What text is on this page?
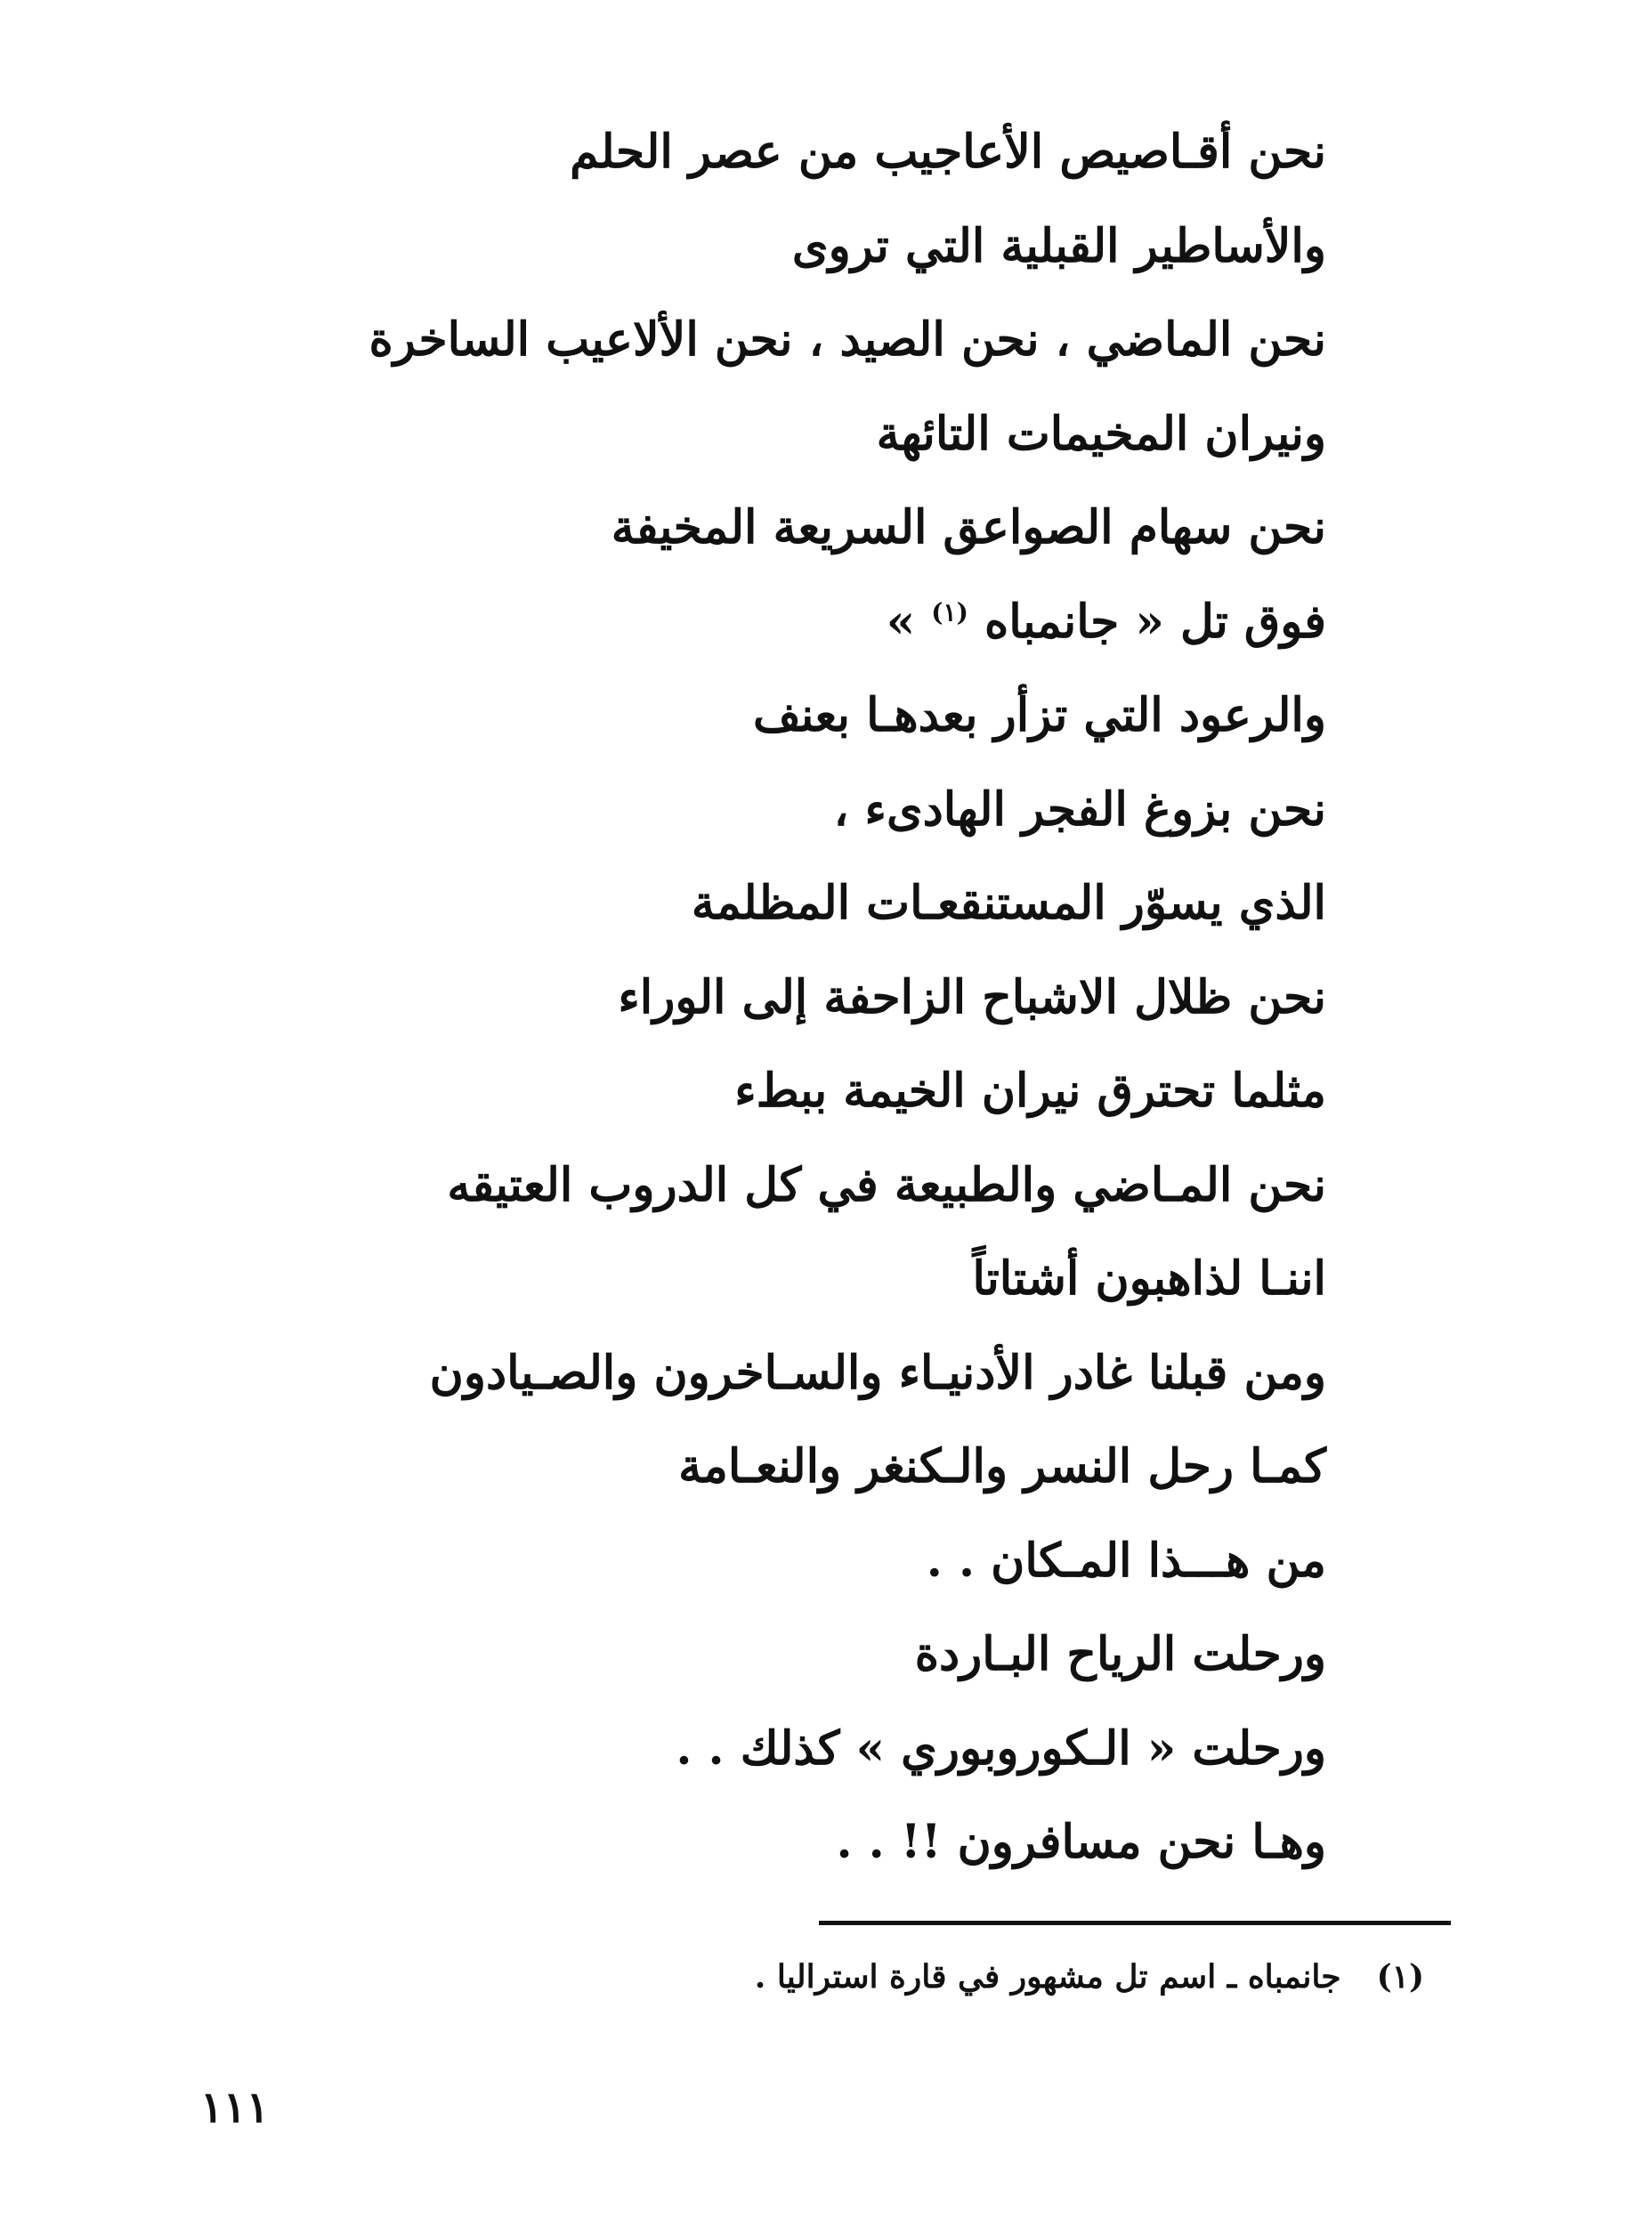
نحن أقـاصيص الأعاجيب من عصر الحلم
والأساطير القبلية التي تروى
نحن الماضي ، نحن الصيد ، نحن الألاعيب الساخرة
ونيران المخيمات التائهة
نحن سهام الصواعق السريعة المخيفة
فوق تل « جانمباه $^{(١)}$ »
والرعود التي تزأر بعدهـا بعنف
نحن بزوغ الفجر الهادىء ،
الذي يسوّر المستنقعـات المظلمة
نحن ظلال الاشباح الزاحفة إلى الوراء
مثلما تحترق نيران الخيمة ببطء
نحن المـاضي والطبيعة في كل الدروب العتيقه
اننـا لذاهبون أشتاتاً
ومن قبلنا غادر الأدنيـاء والسـاخرون والصـيادون
كمـا رحل النسر والـكنغر والنعـامة
من هـــذا المـكان . .
ورحلت الرياح البـاردة
ورحلت « الـكوروبوري » كذلك . .
وهـا نحن مسافرون !! . .
(١)جانمباه ـ اسم تل مشهور في قارة استراليا .
١١١
